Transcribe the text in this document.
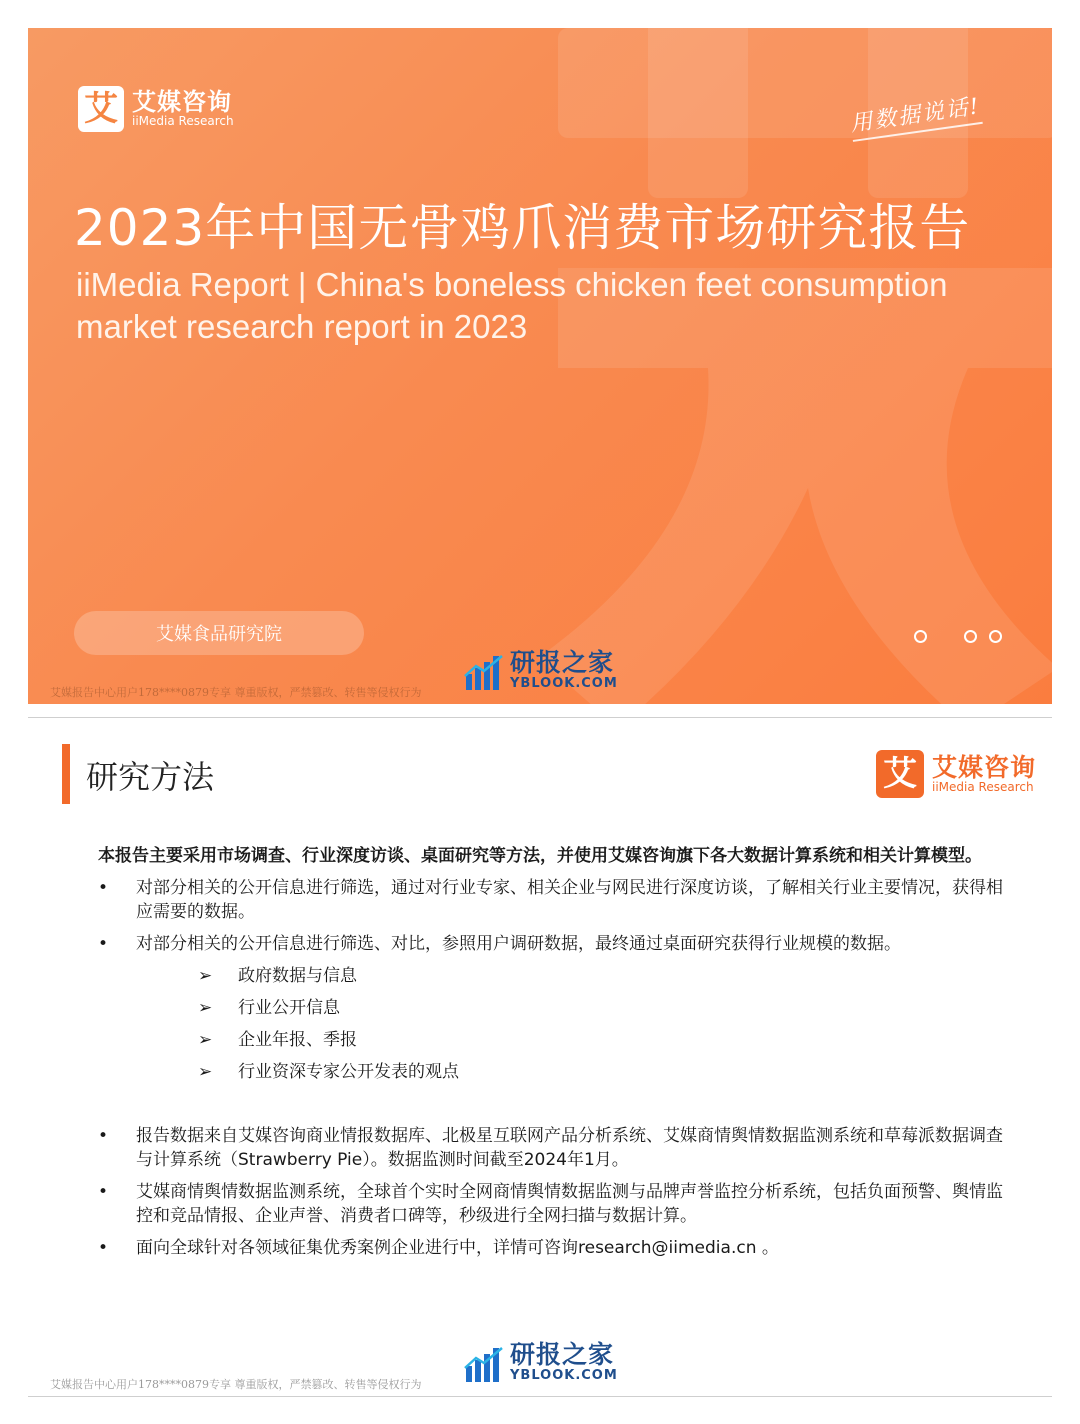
艾 艾媒咨询
iiMedia Research	用数据说话!
2023年中国无骨鸡爪消费市场研究报告
iiMedia Report | China's boneless chicken feet consumption market research report in 2023
艾媒食品研究院
艾媒报告中心用户178****0879专享 尊重版权，严禁篡改、转售等侵权行为
研报之家
YBLOOK.COM
研究方法	艾 艾媒咨询
iiMedia Research

本报告主要采用市场调查、行业深度访谈、桌面研究等方法，并使用艾媒咨询旗下各大数据计算系统和相关计算模型。

•	对部分相关的公开信息进行筛选，通过对行业专家、相关企业与网民进行深度访谈，了解相关行业主要情况，获得相应需要的数据。
•	对部分相关的公开信息进行筛选、对比，参照用户调研数据，最终通过桌面研究获得行业规模的数据。
➢ 政府数据与信息
➢ 行业公开信息
➢ 企业年报、季报
➢ 行业资深专家公开发表的观点
•	报告数据来自艾媒咨询商业情报数据库、北极星互联网产品分析系统、艾媒商情舆情数据监测系统和草莓派数据调查与计算系统（Strawberry Pie）。数据监测时间截至2024年1月。
•	艾媒商情舆情数据监测系统，全球首个实时全网商情舆情数据监测与品牌声誉监控分析系统，包括负面预警、舆情监控和竞品情报、企业声誉、消费者口碑等，秒级进行全网扫描与数据计算。
•	面向全球针对各领域征集优秀案例企业进行中，详情可咨询research@iimedia.cn 。
艾媒报告中心用户178****0879专享 尊重版权，严禁篡改、转售等侵权行为
研报之家
YBLOOK.COM
